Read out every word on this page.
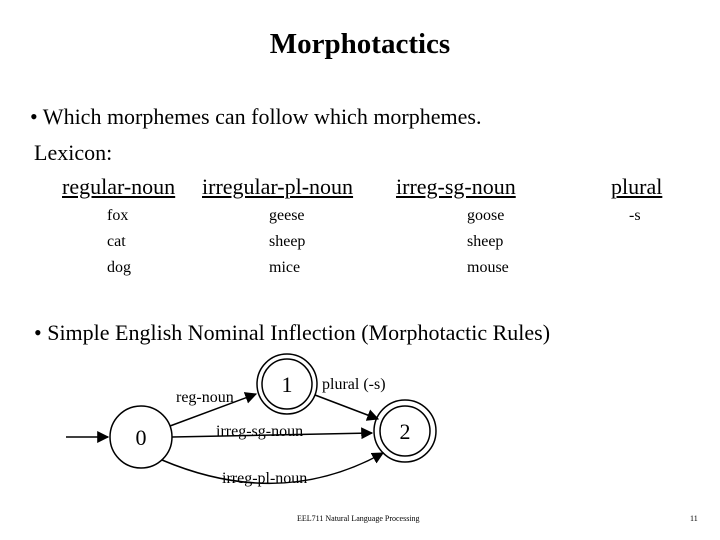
Morphotactics
• Which morphemes can follow which morphemes.
Lexicon:
regular-noun irregular-pl-noun irreg-sg-noun	plural
fox
cat
dog
geese
sheep
mice
goose
sheep
mouse
-s
• Simple English Nominal Inflection (Morphotactic Rules)
0
1
2
reg-noun
plural (-s)
irreg-sg-noun
irreg-pl-noun
EEL711 Natural Language Processing	11
